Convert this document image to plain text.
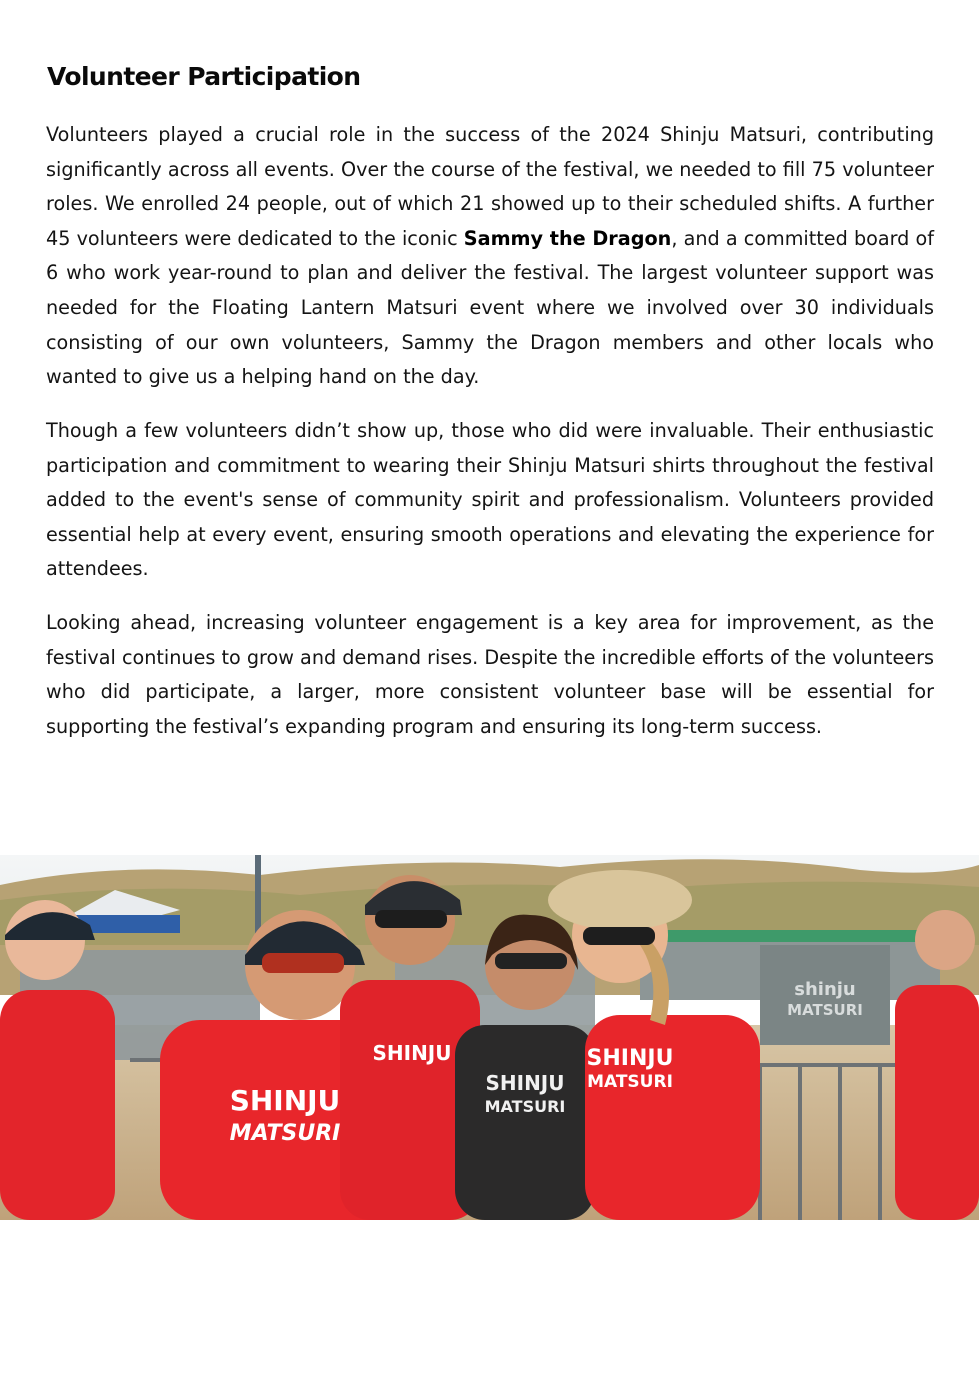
Volunteer Participation

Volunteers played a crucial role in the success of the 2024 Shinju Matsuri, contributing significantly across all events. Over the course of the festival, we needed to fill 75 volunteer roles. We enrolled 24 people, out of which 21 showed up to their scheduled shifts. A further 45 volunteers were dedicated to the iconic Sammy the Dragon, and a committed board of 6 who work year-round to plan and deliver the festival. The largest volunteer support was needed for the Floating Lantern Matsuri event where we involved over 30 individuals consisting of our own volunteers, Sammy the Dragon members and other locals who wanted to give us a helping hand on the day.

Though a few volunteers didn’t show up, those who did were invaluable. Their enthusiastic participation and commitment to wearing their Shinju Matsuri shirts throughout the festival added to the event's sense of community spirit and professionalism. Volunteers provided essential help at every event, ensuring smooth operations and elevating the experience for attendees.

Looking ahead, increasing volunteer engagement is a key area for improvement, as the festival continues to grow and demand rises. Despite the incredible efforts of the volunteers who did participate, a larger, more consistent volunteer base will be essential for supporting the festival’s expanding program and ensuring its long-term success.

shinju
MATSURI
SHINJU
MATSURI
SHINJU
SHINJU
MATSURI
SHINJU
MATSURI
